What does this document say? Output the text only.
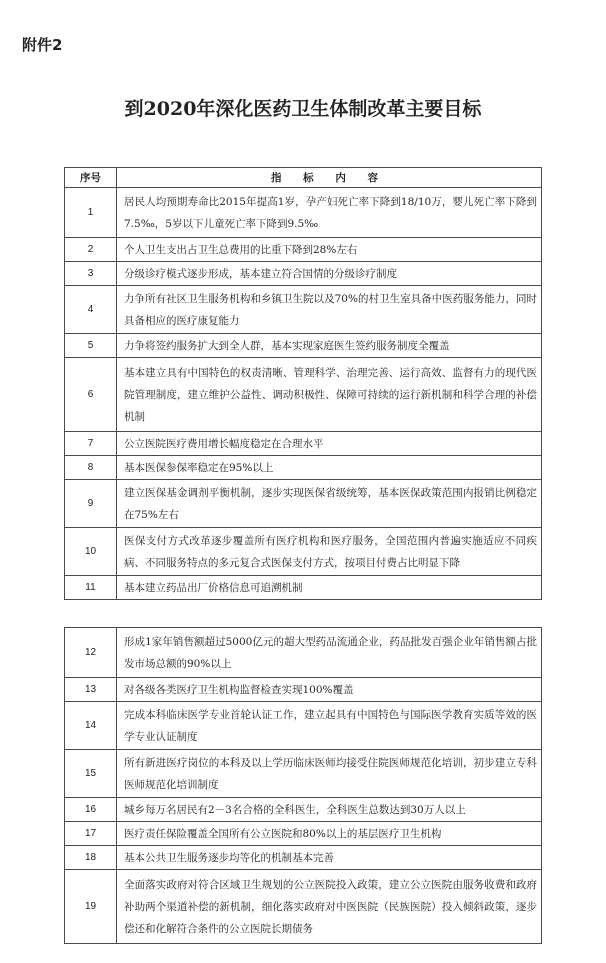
附件2
到2020年深化医药卫生体制改革主要目标
序号	指 标 内 容
1	居民人均预期寿命比2015年提高1岁，孕产妇死亡率下降到18/10万，婴儿死亡率下降到7.5‰，5岁以下儿童死亡率下降到9.5‰
2	个人卫生支出占卫生总费用的比重下降到28%左右
3	分级诊疗模式逐步形成，基本建立符合国情的分级诊疗制度
4	力争所有社区卫生服务机构和乡镇卫生院以及70%的村卫生室具备中医药服务能力，同时具备相应的医疗康复能力
5	力争将签约服务扩大到全人群，基本实现家庭医生签约服务制度全覆盖
6	基本建立具有中国特色的权责清晰、管理科学、治理完善、运行高效、监督有力的现代医院管理制度，建立维护公益性、调动积极性、保障可持续的运行新机制和科学合理的补偿机制
7	公立医院医疗费用增长幅度稳定在合理水平
8	基本医保参保率稳定在95%以上
9	建立医保基金调剂平衡机制，逐步实现医保省级统筹，基本医保政策范围内报销比例稳定在75%左右
10	医保支付方式改革逐步覆盖所有医疗机构和医疗服务，全国范围内普遍实施适应不同疾病、不同服务特点的多元复合式医保支付方式，按项目付费占比明显下降
11	基本建立药品出厂价格信息可追溯机制
12	形成1家年销售额超过5000亿元的超大型药品流通企业，药品批发百强企业年销售额占批发市场总额的90%以上
13	对各级各类医疗卫生机构监督检查实现100%覆盖
14	完成本科临床医学专业首轮认证工作，建立起具有中国特色与国际医学教育实质等效的医学专业认证制度
15	所有新进医疗岗位的本科及以上学历临床医师均接受住院医师规范化培训，初步建立专科医师规范化培训制度
16	城乡每万名居民有2－3名合格的全科医生，全科医生总数达到30万人以上
17	医疗责任保险覆盖全国所有公立医院和80%以上的基层医疗卫生机构
18	基本公共卫生服务逐步均等化的机制基本完善
19	全面落实政府对符合区域卫生规划的公立医院投入政策，建立公立医院由服务收费和政府补助两个渠道补偿的新机制，细化落实政府对中医医院（民族医院）投入倾斜政策，逐步偿还和化解符合条件的公立医院长期债务
